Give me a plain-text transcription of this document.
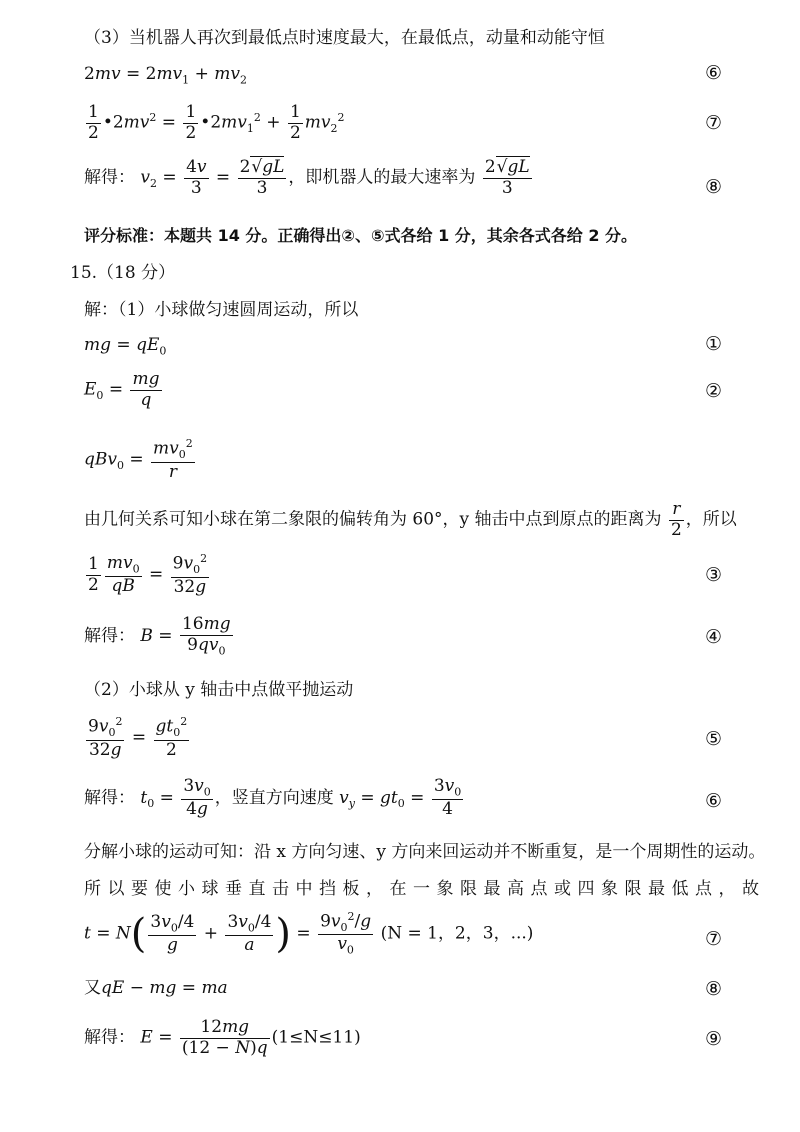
（3）当机器人再次到最低点时速度最大，在最低点，动量和动能守恒
$2mv = 2mv_1 + mv_2$	⑥
$\frac{1}{2}$ $•2mv^2 = \frac{1}{2}$ $•2mv_1^2 + \frac{1}{2} mv_2^2$	⑦
解得： $v_2 = \frac{4v}{3} = \frac{2√gL}{3}$ ，即机器人的最大速率为 $\frac{2√gL}{3}$	⑧
评分标准：本题共 14 分。正确得出②、⑤式各给 1 分，其余各式各给 2 分。
15.（18 分）
解：（1）小球做匀速圆周运动，所以
mg = $qE_0$	①
$E_0 = \frac{mg}{q}$	②
$qBv_0 = \frac{mv_0^2}{r}$
由几何关系可知小球在第二象限的偏转角为 60°，y 轴击中点到原点的距离为 $\frac{r}{2}$ ，所以
$\frac{1}{2} \frac{mv_0}{qB} = \frac{9v_0^2}{32g}$	③
解得： $B = \frac{16mg}{9qv_0}$	④
（2）小球从 y 轴击中点做平抛运动
$\frac{9v_0^2}{32g} = \frac{gt_0^2}{2}$	⑤
解得： $t_0 = \frac{3v_0}{4g}$ ，竖直方向速度 $v_y = gt_0 = \frac{3v_0}{4}$	⑥
分解小球的运动可知：沿 x 方向匀速、y 方向来回运动并不断重复，是一个周期性的运动。
所以要使小球垂直击中挡板，在一象限最高点或四象限最低点，故
$t = N( \frac{3v_0/4}{g} + \frac{3v_0/4}{a}$ ) = $\frac{9v_0^2/g}{v_0} (N = 1$，2，3，...)	⑦
又qE − mg = ma	⑧
解得： $E = \frac{12mg}{(12 - N)q} (1\le N\le 11)$	⑨
